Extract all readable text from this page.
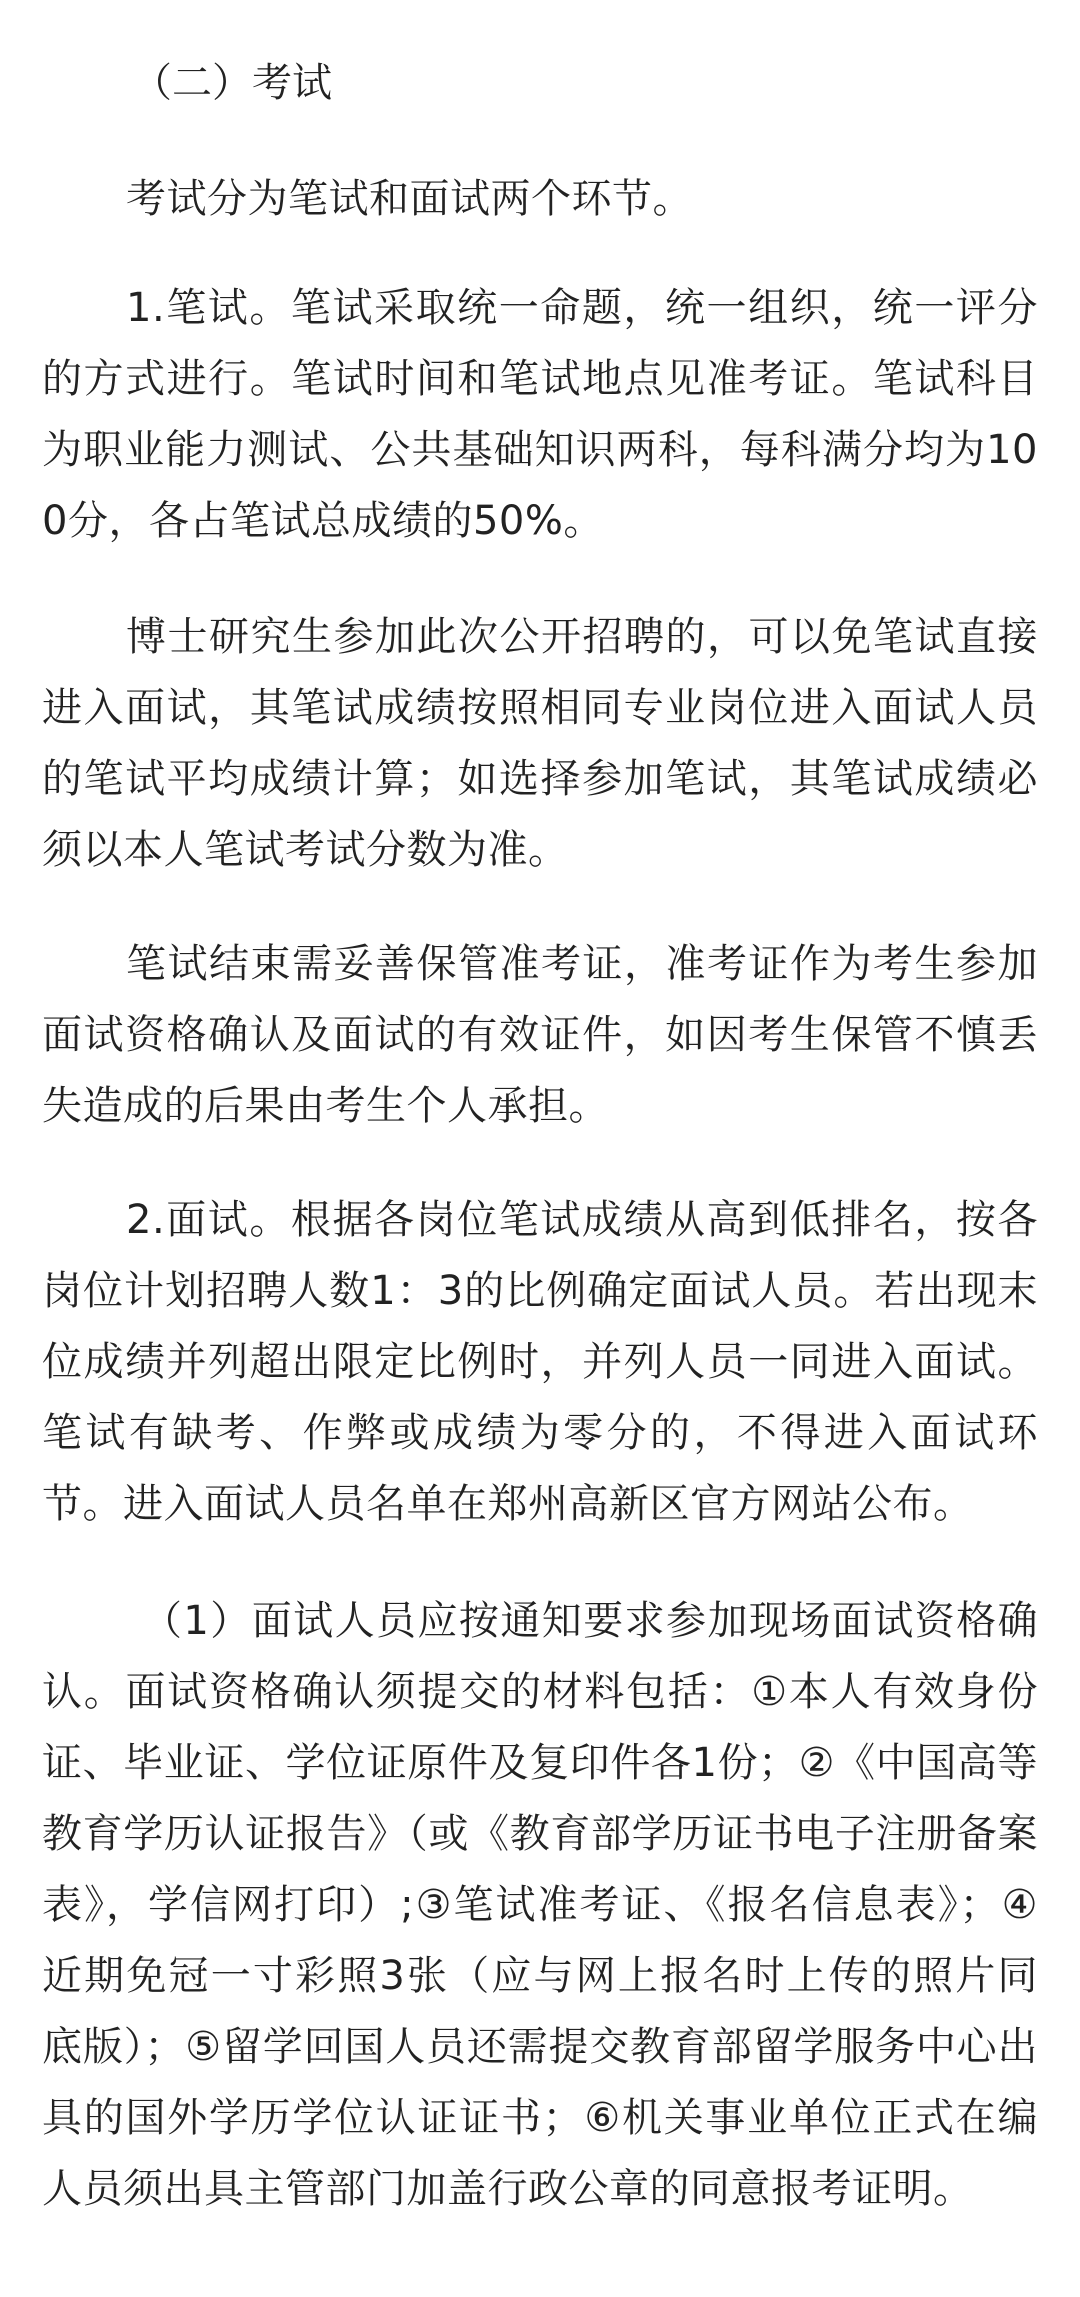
（二）考试

考试分为笔试和面试两个环节。

1.笔试。笔试采取统一命题，统一组织，统一评分的方式进行。笔试时间和笔试地点见准考证。笔试科目为职业能力测试、公共基础知识两科，每科满分均为100分，各占笔试总成绩的50%。

博士研究生参加此次公开招聘的，可以免笔试直接进入面试，其笔试成绩按照相同专业岗位进入面试人员的笔试平均成绩计算；如选择参加笔试，其笔试成绩必须以本人笔试考试分数为准。

笔试结束需妥善保管准考证，准考证作为考生参加面试资格确认及面试的有效证件，如因考生保管不慎丢失造成的后果由考生个人承担。

2.面试。根据各岗位笔试成绩从高到低排名，按各岗位计划招聘人数1：3的比例确定面试人员。若出现末位成绩并列超出限定比例时，并列人员一同进入面试。笔试有缺考、作弊或成绩为零分的，不得进入面试环节。进入面试人员名单在郑州高新区官方网站公布。

（1）面试人员应按通知要求参加现场面试资格确认。面试资格确认须提交的材料包括：①本人有效身份证、毕业证、学位证原件及复印件各1份；②《中国高等教育学历认证报告》（或《教育部学历证书电子注册备案表》，学信网打印）;③笔试准考证、《报名信息表》；④近期免冠一寸彩照3张（应与网上报名时上传的照片同底版）；⑤留学回国人员还需提交教育部留学服务中心出具的国外学历学位认证证书；⑥机关事业单位正式在编人员须出具主管部门加盖行政公章的同意报考证明。
